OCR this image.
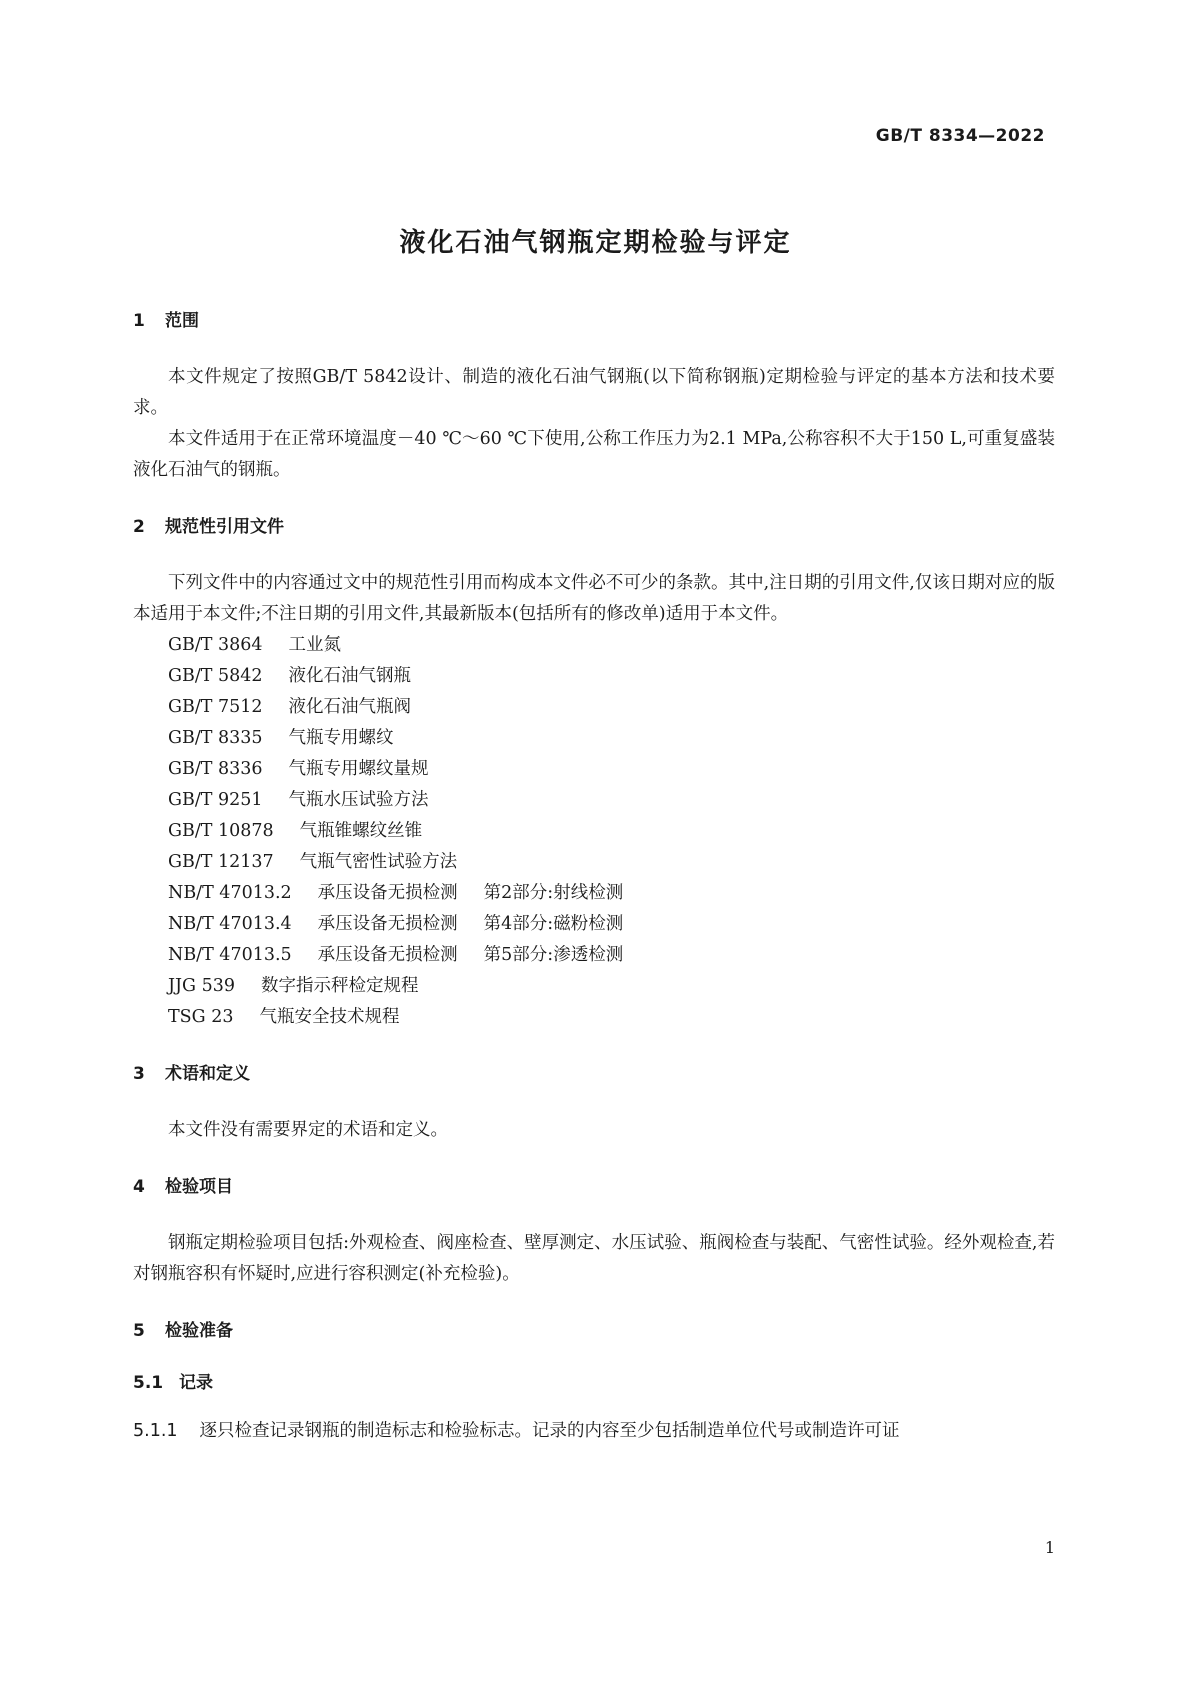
GB/T 8334—2022
液化石油气钢瓶定期检验与评定
1 范围

本文件规定了按照GB/T 5842设计、制造的液化石油气钢瓶(以下简称钢瓶)定期检验与评定的基本方法和技术要求。

本文件适用于在正常环境温度－40 ℃～60 ℃下使用,公称工作压力为2.1 MPa,公称容积不大于150 L,可重复盛装液化石油气的钢瓶。

2 规范性引用文件

下列文件中的内容通过文中的规范性引用而构成本文件必不可少的条款。其中,注日期的引用文件,仅该日期对应的版本适用于本文件;不注日期的引用文件,其最新版本(包括所有的修改单)适用于本文件。

GB/T 3864 工业氮
GB/T 5842 液化石油气钢瓶
GB/T 7512 液化石油气瓶阀
GB/T 8335 气瓶专用螺纹
GB/T 8336 气瓶专用螺纹量规
GB/T 9251 气瓶水压试验方法
GB/T 10878 气瓶锥螺纹丝锥
GB/T 12137 气瓶气密性试验方法
NB/T 47013.2 承压设备无损检测 第2部分:射线检测
NB/T 47013.4 承压设备无损检测 第4部分:磁粉检测
NB/T 47013.5 承压设备无损检测 第5部分:渗透检测
JJG 539 数字指示秤检定规程
TSG 23 气瓶安全技术规程
3 术语和定义

本文件没有需要界定的术语和定义。

4 检验项目

钢瓶定期检验项目包括:外观检查、阀座检查、壁厚测定、水压试验、瓶阀检查与装配、气密性试验。经外观检查,若对钢瓶容积有怀疑时,应进行容积测定(补充检验)。

5 检验准备
5.1 记录
5.1.1 逐只检查记录钢瓶的制造标志和检验标志。记录的内容至少包括制造单位代号或制造许可证
1
